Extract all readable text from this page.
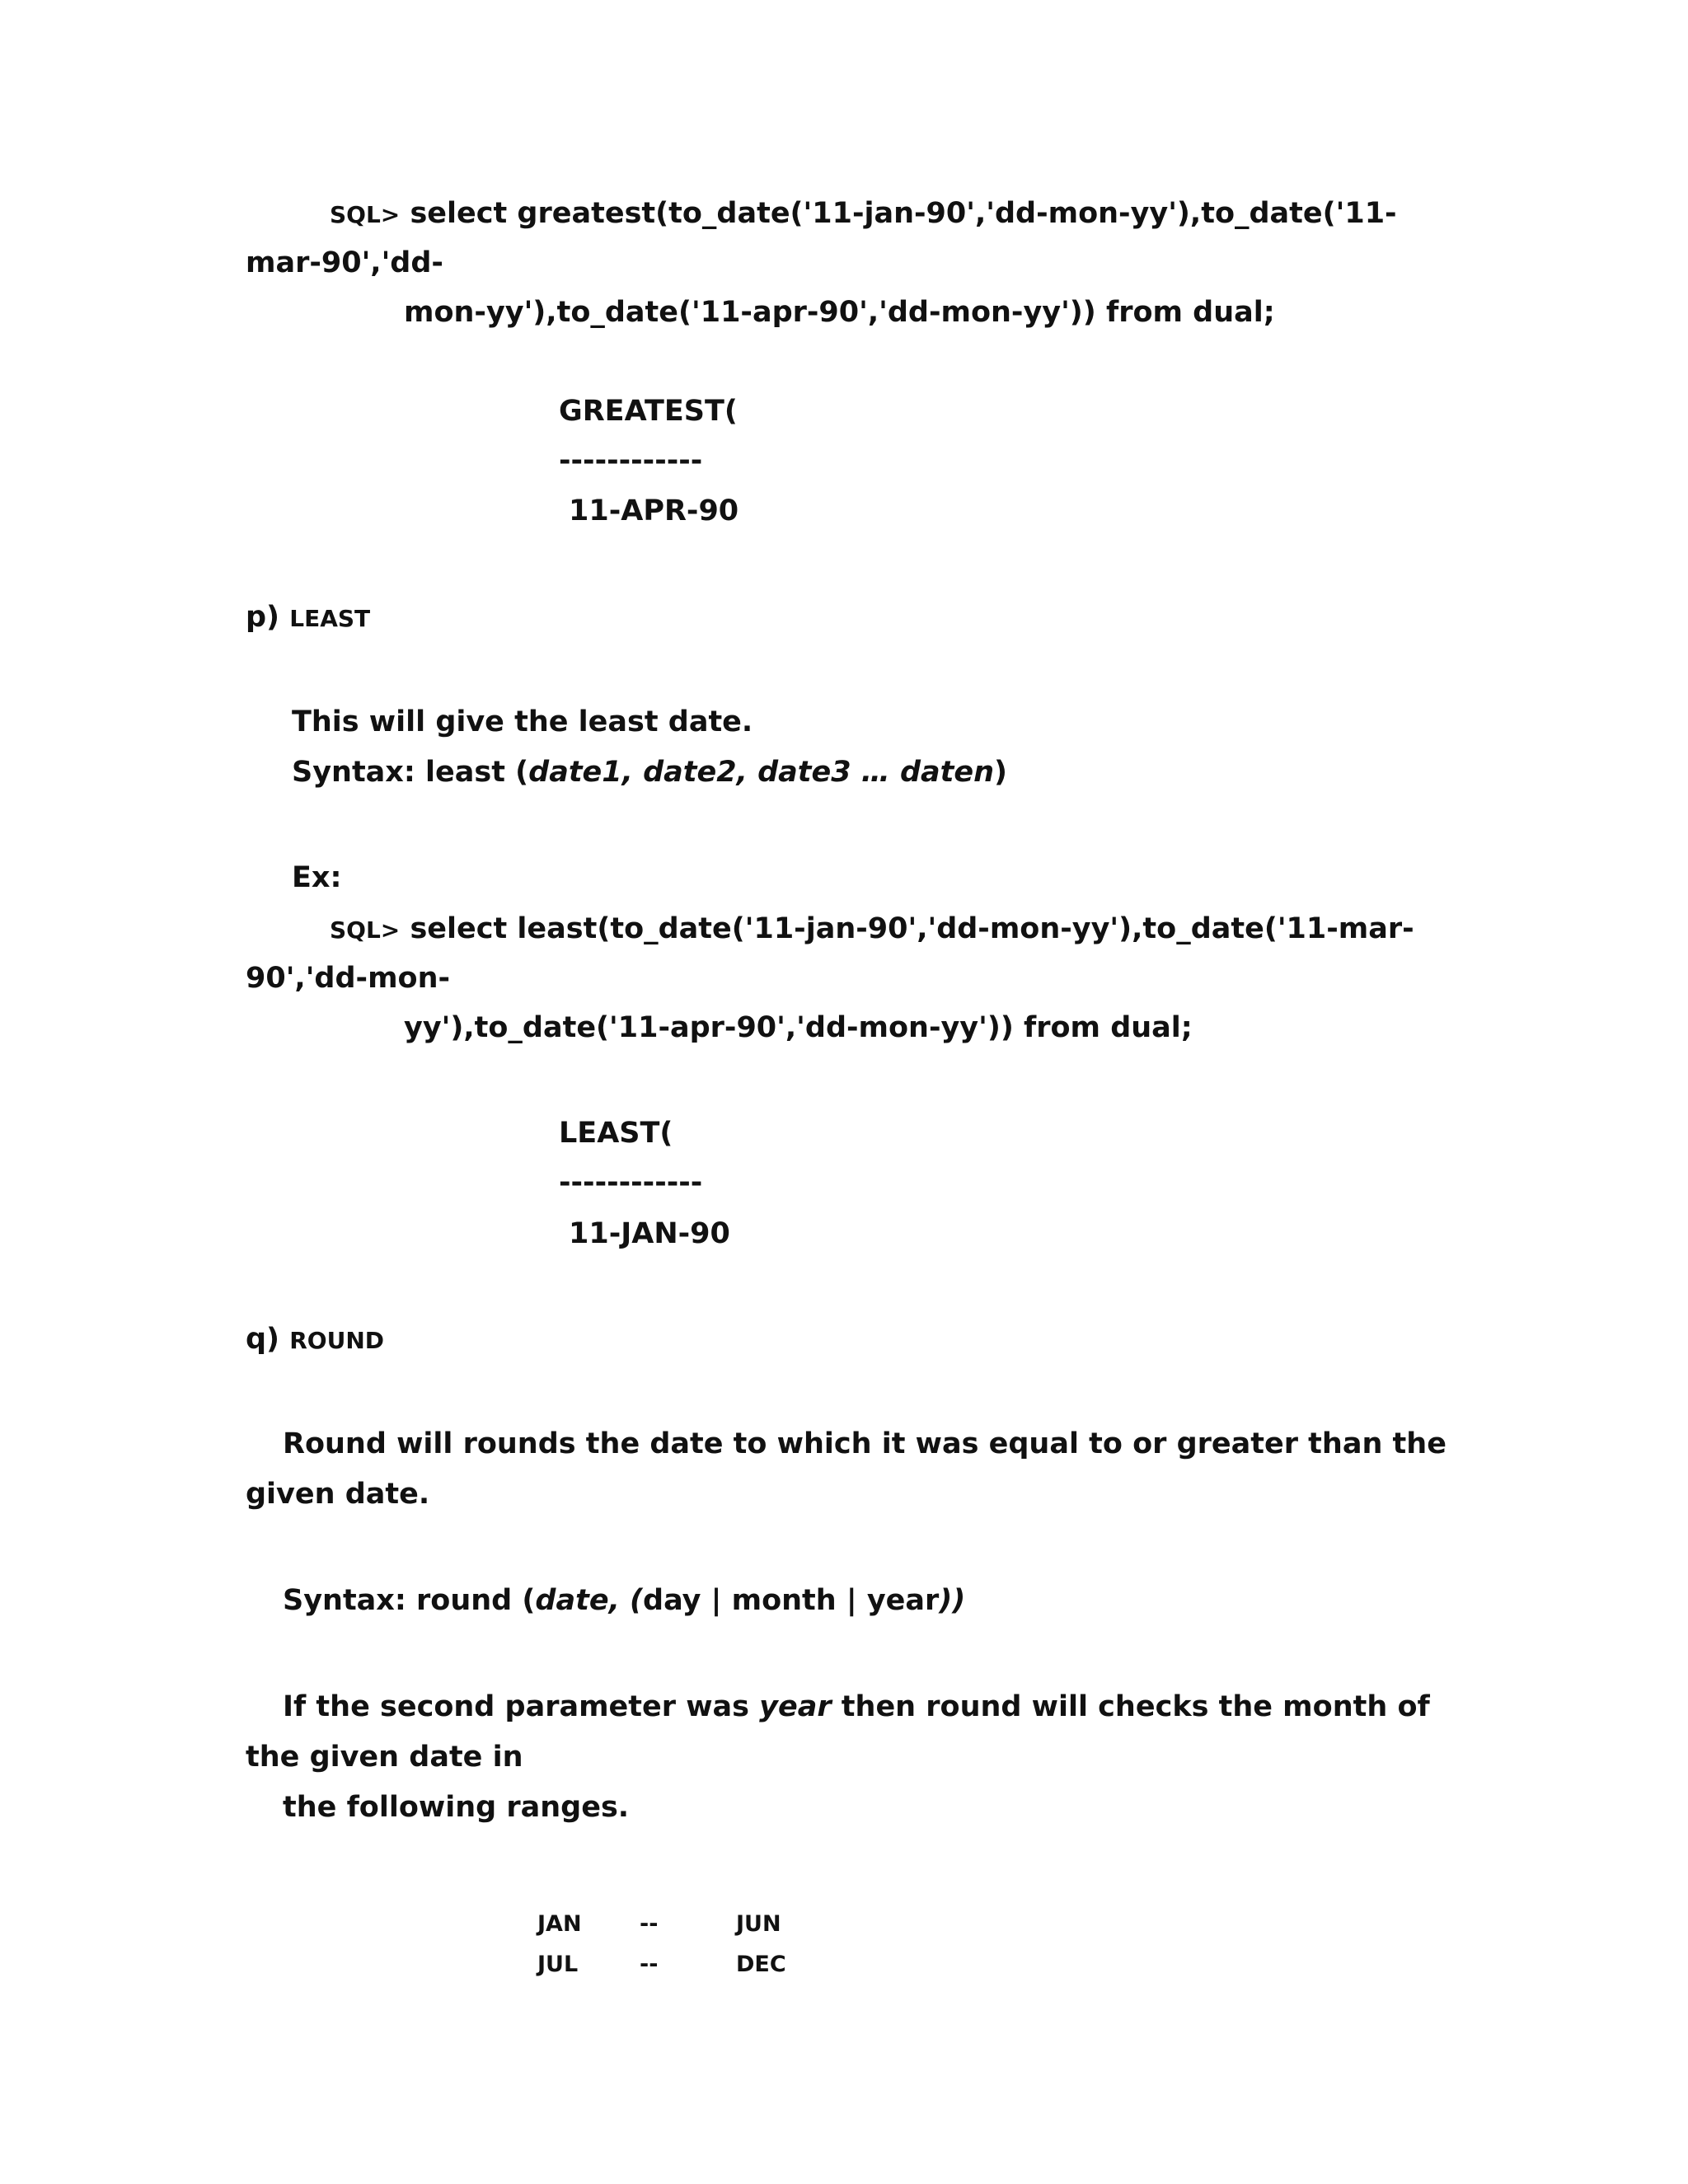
SQL> select greatest(to_date('11-jan-90','dd-mon-yy'),to_date('11-
mar-90','dd-
mon-yy'),to_date('11-apr-90','dd-mon-yy')) from dual;
GREATEST(
------------
11-APR-90
p) LEAST
This will give the least date.
Syntax: least (date1, date2, date3 … daten)
Ex:
SQL> select least(to_date('11-jan-90','dd-mon-yy'),to_date('11-mar-
90','dd-mon-
yy'),to_date('11-apr-90','dd-mon-yy')) from dual;
LEAST(
------------
11-JAN-90
q) ROUND
Round will rounds the date to which it was equal to or greater than the
given date.
Syntax: round (date, (day | month | year))
If the second parameter was year then round will checks the month of
the given date in
the following ranges.
JAN	--	JUN
JUL	--	DEC
